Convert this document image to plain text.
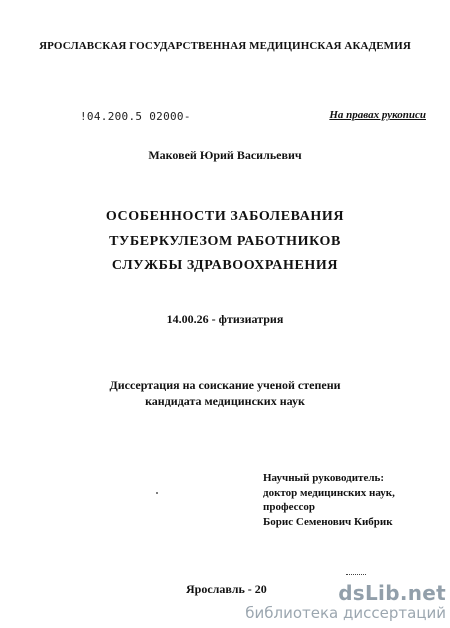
ЯРОСЛАВСКАЯ ГОСУДАРСТВЕННАЯ МЕДИЦИНСКАЯ АКАДЕМИЯ
!04.200.5 02000-	На правах рукописи
Маковей Юрий Васильевич
ОСОБЕННОСТИ ЗАБОЛЕВАНИЯ
ТУБЕРКУЛЕЗОМ РАБОТНИКОВ
СЛУЖБЫ ЗДРАВООХРАНЕНИЯ
14.00.26 - фтизиатрия
Диссертация на соискание ученой степени
кандидата медицинских наук
Научный руководитель:
доктор медицинских наук,
профессор
Борис Семенович Кибрик
Ярославль - 20	dsLib.net
библиотека диссертаций
